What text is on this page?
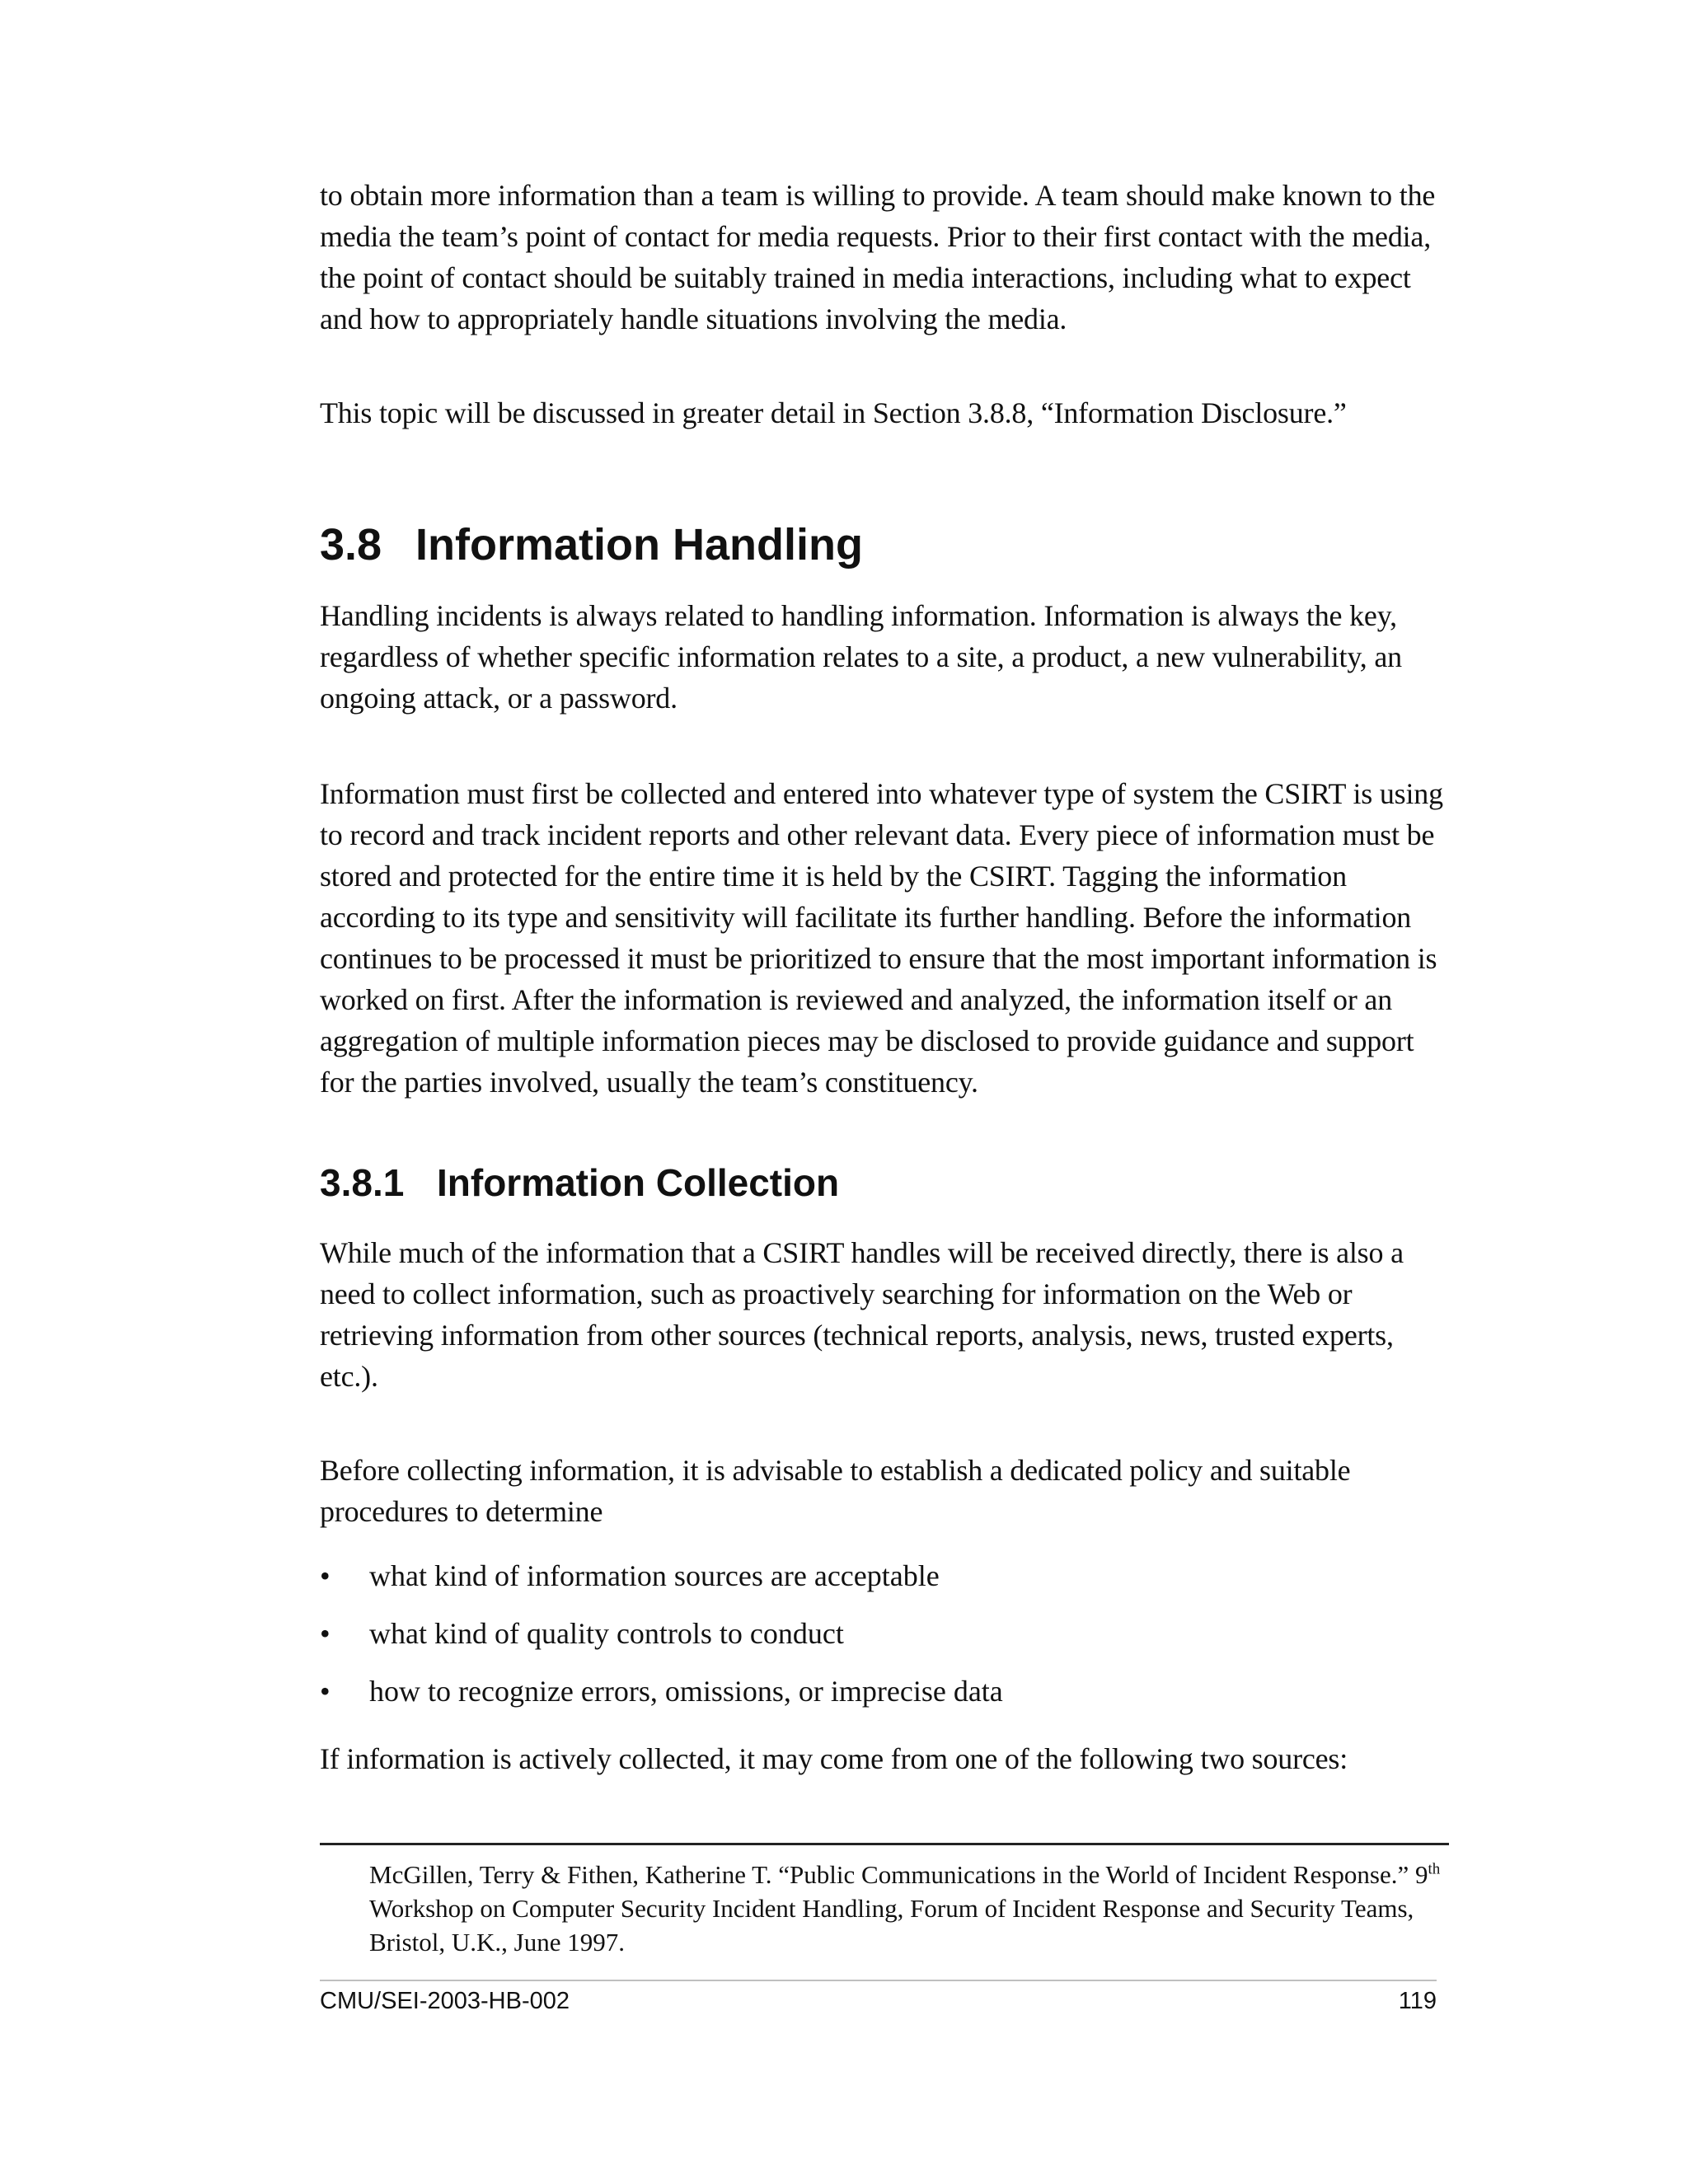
to obtain more information than a team is willing to provide. A team should make known to the media the team’s point of contact for media requests. Prior to their first contact with the media, the point of contact should be suitably trained in media interactions, including what to expect and how to appropriately handle situations involving the media.

This topic will be discussed in greater detail in Section 3.8.8, “Information Disclosure.”

3.8 Information Handling

Handling incidents is always related to handling information. Information is always the key, regardless of whether specific information relates to a site, a product, a new vulnerability, an ongoing attack, or a password.

Information must first be collected and entered into whatever type of system the CSIRT is using to record and track incident reports and other relevant data. Every piece of information must be stored and protected for the entire time it is held by the CSIRT. Tagging the information according to its type and sensitivity will facilitate its further handling. Before the information continues to be processed it must be prioritized to ensure that the most important information is worked on first. After the information is reviewed and analyzed, the information itself or an aggregation of multiple information pieces may be disclosed to provide guidance and support for the parties involved, usually the team’s constituency.

3.8.1 Information Collection

While much of the information that a CSIRT handles will be received directly, there is also a need to collect information, such as proactively searching for information on the Web or retrieving information from other sources (technical reports, analysis, news, trusted experts, etc.).

Before collecting information, it is advisable to establish a dedicated policy and suitable procedures to determine

• what kind of information sources are acceptable
• what kind of quality controls to conduct
• how to recognize errors, omissions, or imprecise data

If information is actively collected, it may come from one of the following two sources:

McGillen, Terry & Fithen, Katherine T. “Public Communications in the World of Incident Response.” 9th Workshop on Computer Security Incident Handling, Forum of Incident Response and Security Teams, Bristol, U.K., June 1997.
CMU/SEI-2003-HB-002	119
